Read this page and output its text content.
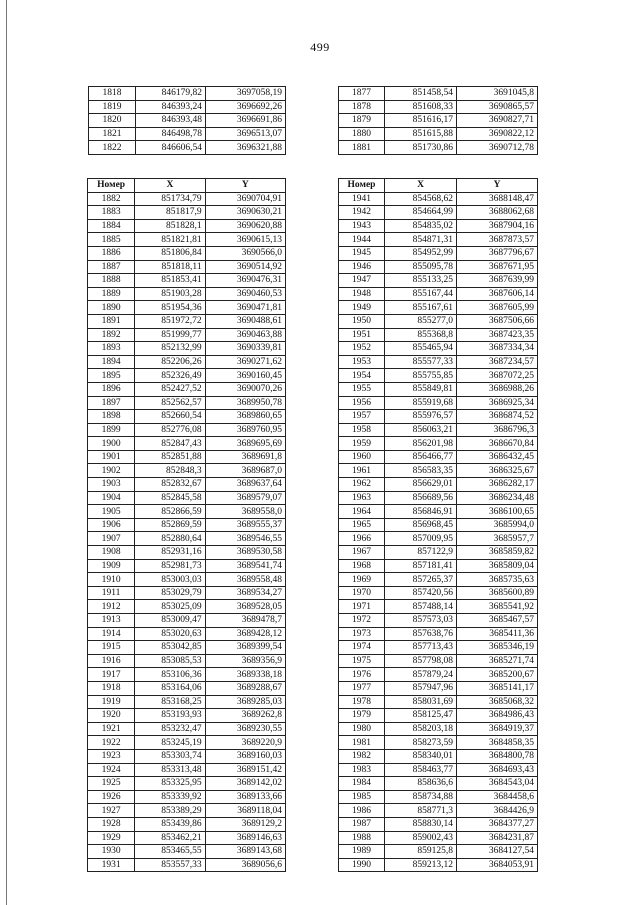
499
1818	846179,82	3697058,19
1819	846393,24	3696692,26
1820	846393,48	3696691,86
1821	846498,78	3696513,07
1822	846606,54	3696321,88
1877	851458,54	3691045,8
1878	851608,33	3690865,57
1879	851616,17	3690827,71
1880	851615,88	3690822,12
1881	851730,86	3690712,78
Номер	X	Y
1882	851734,79	3690704,91
1883	851817,9	3690630,21
1884	851828,1	3690620,88
1885	851821,81	3690615,13
1886	851806,84	3690566,0
1887	851818,11	3690514,92
1888	851853,41	3690476,31
1889	851903,28	3690460,53
1890	851954,36	3690471,81
1891	851972,72	3690488,61
1892	851999,77	3690463,88
1893	852132,99	3690339,81
1894	852206,26	3690271,62
1895	852326,49	3690160,45
1896	852427,52	3690070,26
1897	852562,57	3689950,78
1898	852660,54	3689860,65
1899	852776,08	3689760,95
1900	852847,43	3689695,69
1901	852851,88	3689691,8
1902	852848,3	3689687,0
1903	852832,67	3689637,64
1904	852845,58	3689579,07
1905	852866,59	3689558,0
1906	852869,59	3689555,37
1907	852880,64	3689546,55
1908	852931,16	3689530,58
1909	852981,73	3689541,74
1910	853003,03	3689558,48
1911	853029,79	3689534,27
1912	853025,09	3689528,05
1913	853009,47	3689478,7
1914	853020,63	3689428,12
1915	853042,85	3689399,54
1916	853085,53	3689356,9
1917	853106,36	3689338,18
1918	853164,06	3689288,67
1919	853168,25	3689285,03
1920	853193,93	3689262,8
1921	853232,47	3689230,55
1922	853245,19	3689220,9
1923	853303,74	3689160,03
1924	853313,48	3689151,42
1925	853325,95	3689142,02
1926	853339,92	3689133,66
1927	853389,29	3689118,04
1928	853439,86	3689129,2
1929	853462,21	3689146,63
1930	853465,55	3689143,68
1931	853557,33	3689056,6
Номер	X	Y
1941	854568,62	3688148,47
1942	854664,99	3688062,68
1943	854835,02	3687904,16
1944	854871,31	3687873,57
1945	854952,99	3687796,67
1946	855095,78	3687671,95
1947	855133,25	3687639,99
1948	855167,44	3687606,14
1949	855167,61	3687605,99
1950	855277,0	3687506,66
1951	855368,8	3687423,35
1952	855465,94	3687334,34
1953	855577,33	3687234,57
1954	855755,85	3687072,25
1955	855849,81	3686988,26
1956	855919,68	3686925,34
1957	855976,57	3686874,52
1958	856063,21	3686796,3
1959	856201,98	3686670,84
1960	856466,77	3686432,45
1961	856583,35	3686325,67
1962	856629,01	3686282,17
1963	856689,56	3686234,48
1964	856846,91	3686100,65
1965	856968,45	3685994,0
1966	857009,95	3685957,7
1967	857122,9	3685859,82
1968	857181,41	3685809,04
1969	857265,37	3685735,63
1970	857420,56	3685600,89
1971	857488,14	3685541,92
1972	857573,03	3685467,57
1973	857638,76	3685411,36
1974	857713,43	3685346,19
1975	857798,08	3685271,74
1976	857879,24	3685200,67
1977	857947,96	3685141,17
1978	858031,69	3685068,32
1979	858125,47	3684986,43
1980	858203,18	3684919,37
1981	858273,59	3684858,35
1982	858340,01	3684800,78
1983	858463,77	3684693,43
1984	858636,6	3684543,04
1985	858734,88	3684458,6
1986	858771,3	3684426,9
1987	858830,14	3684377,27
1988	859002,43	3684231,87
1989	859125,8	3684127,54
1990	859213,12	3684053,91
